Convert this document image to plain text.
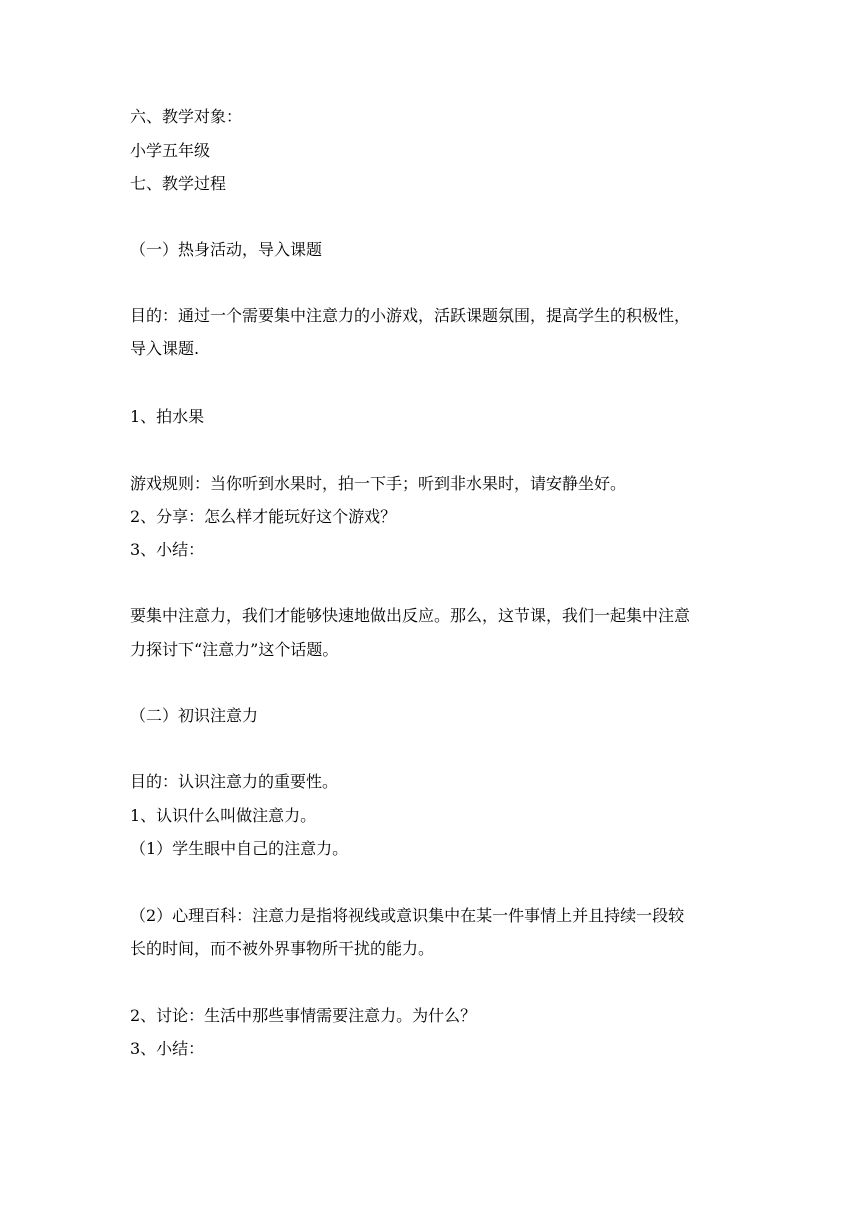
六、教学对象：

小学五年级

七、教学过程

（一）热身活动，导入课题

目的：通过一个需要集中注意力的小游戏，活跃课题氛围，提高学生的积极性，

导入课题.

1、拍水果

游戏规则：当你听到水果时，拍一下手；听到非水果时，请安静坐好。

2、分享：怎么样才能玩好这个游戏？

3、小结：

要集中注意力，我们才能够快速地做出反应。那么，这节课，我们一起集中注意

力探讨下“注意力”这个话题。

（二）初识注意力

目的：认识注意力的重要性。

1、认识什么叫做注意力。

（1）学生眼中自己的注意力。

（2）心理百科：注意力是指将视线或意识集中在某一件事情上并且持续一段较

长的时间，而不被外界事物所干扰的能力。

2、讨论：生活中那些事情需要注意力。为什么？

3、小结：
